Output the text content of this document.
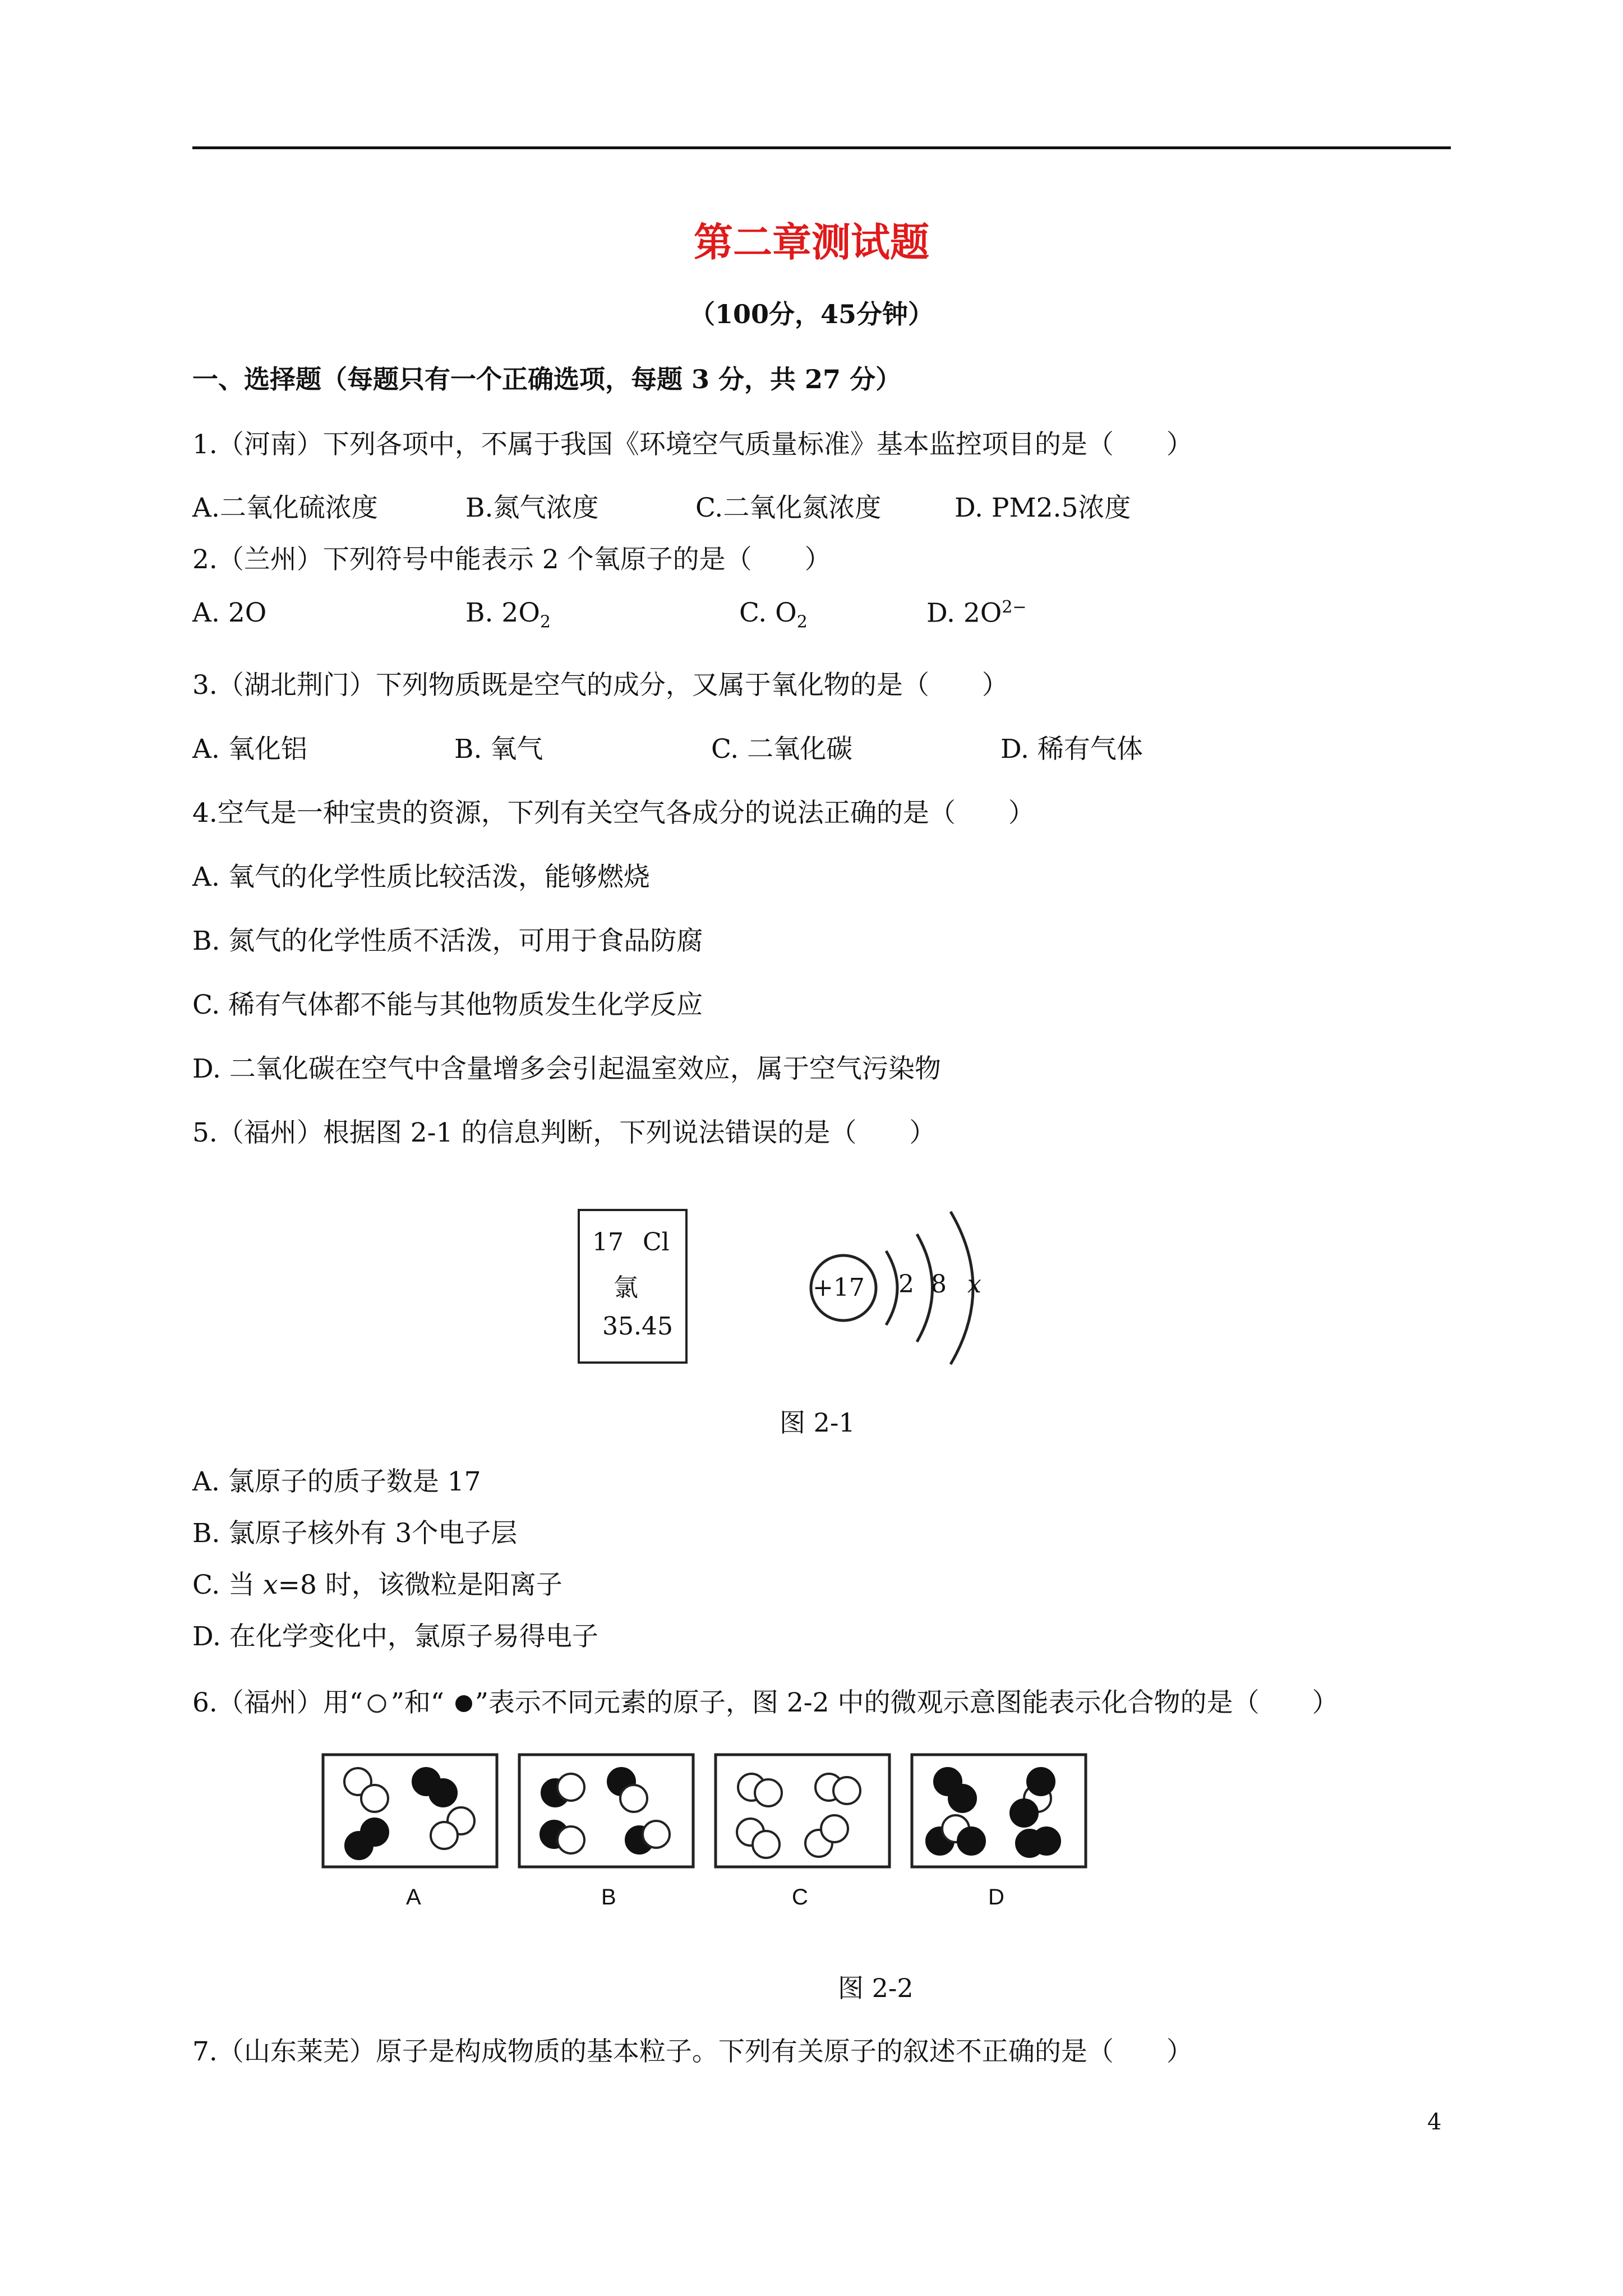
第二章测试题
（100分，45分钟）
一、选择题（每题只有一个正确选项，每题 3 分，共 27 分）
1.（河南）下列各项中，不属于我国《环境空气质量标准》基本监控项目的是（　　）
A.二氧化硫浓度	B.氮气浓度	C.二氧化氮浓度	D. PM2.5浓度
2.（兰州）下列符号中能表示 2 个氧原子的是（　　）
A. 2O	B. $2O_2$	C. $O_2$	D. $2O^{2-}$
3.（湖北荆门）下列物质既是空气的成分，又属于氧化物的是（　　）
A. 氧化铝	B. 氧气	C. 二氧化碳	D. 稀有气体
4.空气是一种宝贵的资源，下列有关空气各成分的说法正确的是（　　）
A. 氧气的化学性质比较活泼，能够燃烧
B. 氮气的化学性质不活泼，可用于食品防腐
C. 稀有气体都不能与其他物质发生化学反应
D. 二氧化碳在空气中含量增多会引起温室效应，属于空气污染物
5.（福州）根据图 2-1 的信息判断，下列说法错误的是（　　）
17 Cl
氯
35.45
+17 2 8 x
图 2-1
A. 氯原子的质子数是 17
B. 氯原子核外有 3个电子层
C. 当 x=8 时，该微粒是阳离子
D. 在化学变化中，氯原子易得电子
6.（福州）用“ ”和“ ”表示不同元素的原子，图 2-2 中的微观示意图能表示化合物的是（　　）
A	B	C	D
图 2-2
7.（山东莱芜）原子是构成物质的基本粒子。下列有关原子的叙述不正确的是（　　）
4
